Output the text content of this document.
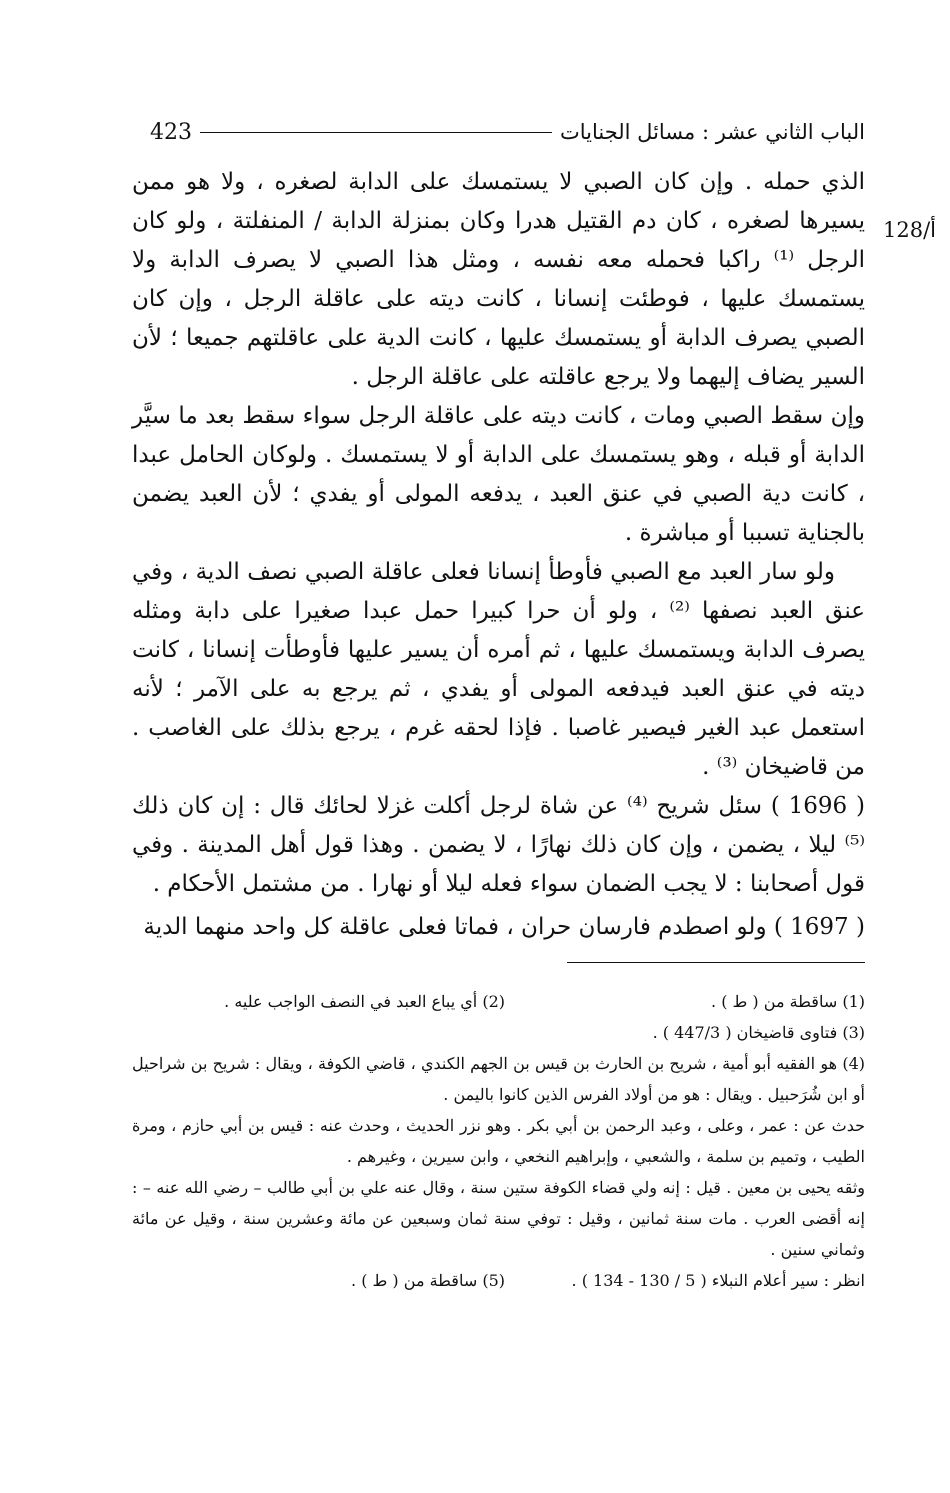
الباب الثاني عشر : مسائل الجنايات
423
128/أ

الذي حمله . وإن كان الصبي لا يستمسك على الدابة لصغره ، ولا هو ممن يسيرها لصغره ، كان دم القتيل هدرا وكان بمنزلة الدابة / المنفلتة ، ولو كان الرجل ⁽¹⁾ راكبا فحمله معه نفسه ، ومثل هذا الصبي لا يصرف الدابة ولا يستمسك عليها ، فوطئت إنسانا ، كانت ديته على عاقلة الرجل ، وإن كان الصبي يصرف الدابة أو يستمسك عليها ، كانت الدية على عاقلتهم جميعا ؛ لأن السير يضاف إليهما ولا يرجع عاقلته على عاقلة الرجل .

وإن سقط الصبي ومات ، كانت ديته على عاقلة الرجل سواء سقط بعد ما سيَّر الدابة أو قبله ، وهو يستمسك على الدابة أو لا يستمسك . ولوكان الحامل عبدا ، كانت دية الصبي في عنق العبد ، يدفعه المولى أو يفدي ؛ لأن العبد يضمن بالجناية تسببا أو مباشرة .

ولو سار العبد مع الصبي فأوطأ إنسانا فعلى عاقلة الصبي نصف الدية ، وفي عنق العبد نصفها ⁽²⁾ ، ولو أن حرا كبيرا حمل عبدا صغيرا على دابة ومثله يصرف الدابة ويستمسك عليها ، ثم أمره أن يسير عليها فأوطأت إنسانا ، كانت ديته في عنق العبد فيدفعه المولى أو يفدي ، ثم يرجع به على الآمر ؛ لأنه استعمل عبد الغير فيصير غاصبا . فإذا لحقه غرم ، يرجع بذلك على الغاصب . من قاضيخان ⁽³⁾ .

( 1696 ) سئل شريح ⁽⁴⁾ عن شاة لرجل أكلت غزلا لحائك قال : إن كان ذلك ⁽⁵⁾ ليلا ، يضمن ، وإن كان ذلك نهارًا ، لا يضمن . وهذا قول أهل المدينة . وفي قول أصحابنا : لا يجب الضمان سواء فعله ليلا أو نهارا . من مشتمل الأحكام .

( 1697 ) ولو اصطدم فارسان حران ، فماتا فعلى عاقلة كل واحد منهما الدية

(1) ساقطة من ( ط ) .
(2) أي يباع العبد في النصف الواجب عليه .
(3) فتاوى قاضيخان ( 447/3 ) .
(4) هو الفقيه أبو أمية ، شريح بن الحارث بن قيس بن الجهم الكندي ، قاضي الكوفة ، ويقال : شريح بن شراحيل أو ابن شُرَحبيل . ويقال : هو من أولاد الفرس الذين كانوا باليمن .
حدث عن : عمر ، وعلى ، وعبد الرحمن بن أبي بكر . وهو نزر الحديث ، وحدث عنه : قيس بن أبي حازم ، ومرة الطيب ، وتميم بن سلمة ، والشعبي ، وإبراهيم النخعي ، وابن سيرين ، وغيرهم .
وثقه يحيى بن معين . قيل : إنه ولي قضاء الكوفة ستين سنة ، وقال عنه علي بن أبي طالب – رضي الله عنه – : إنه أقضى العرب . مات سنة ثمانين ، وقيل : توفي سنة ثمان وسبعين عن مائة وعشرين سنة ، وقيل عن مائة وثماني سنين .
انظر : سير أعلام النبلاء ( 5 / 130 - 134 ) .
(5) ساقطة من ( ط ) .
